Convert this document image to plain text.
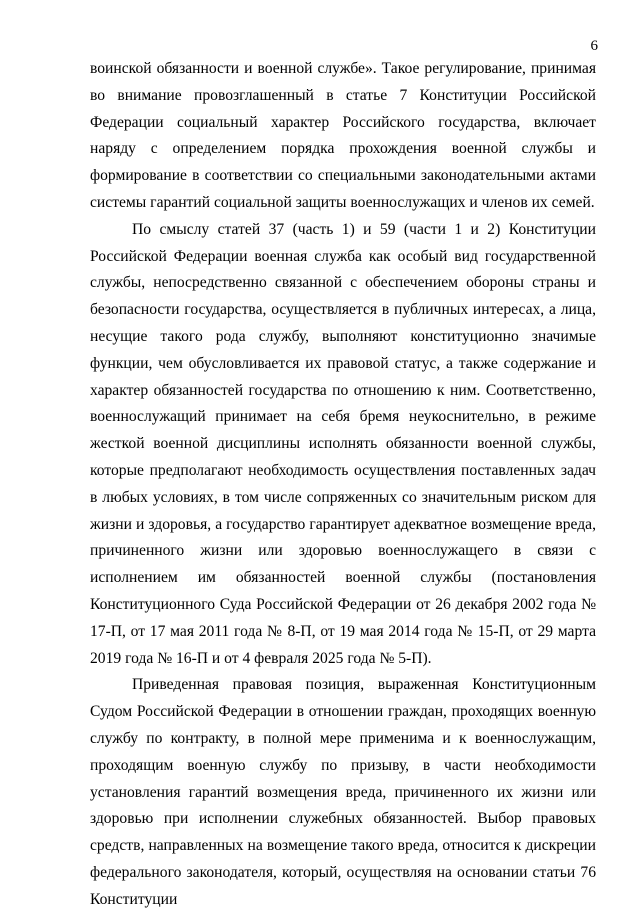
6

воинской обязанности и военной службе». Такое регулирование, принимая во внимание провозглашенный в статье 7 Конституции Российской Федерации социальный характер Российского государства, включает наряду с определением порядка прохождения военной службы и формирование в соответствии со специальными законодательными актами системы гарантий социальной защиты военнослужащих и членов их семей.

По смыслу статей 37 (часть 1) и 59 (части 1 и 2) Конституции Российской Федерации военная служба как особый вид государственной службы, непосредственно связанной с обеспечением обороны страны и безопасности государства, осуществляется в публичных интересах, а лица, несущие такого рода службу, выполняют конституционно значимые функции, чем обусловливается их правовой статус, а также содержание и характер обязанностей государства по отношению к ним. Соответственно, военнослужащий принимает на себя бремя неукоснительно, в режиме жесткой военной дисциплины исполнять обязанности военной службы, которые предполагают необходимость осуществления поставленных задач в любых условиях, в том числе сопряженных со значительным риском для жизни и здоровья, а государство гарантирует адекватное возмещение вреда, причиненного жизни или здоровью военнослужащего в связи с исполнением им обязанностей военной службы (постановления Конституционного Суда Российской Федерации от 26 декабря 2002 года № 17-П, от 17 мая 2011 года № 8-П, от 19 мая 2014 года № 15-П, от 29 марта 2019 года № 16-П и от 4 февраля 2025 года № 5-П).

Приведенная правовая позиция, выраженная Конституционным Судом Российской Федерации в отношении граждан, проходящих военную службу по контракту, в полной мере применима и к военнослужащим, проходящим военную службу по призыву, в части необходимости установления гарантий возмещения вреда, причиненного их жизни или здоровью при исполнении служебных обязанностей. Выбор правовых средств, направленных на возмещение такого вреда, относится к дискреции федерального законодателя, который, осуществляя на основании статьи 76 Конституции
